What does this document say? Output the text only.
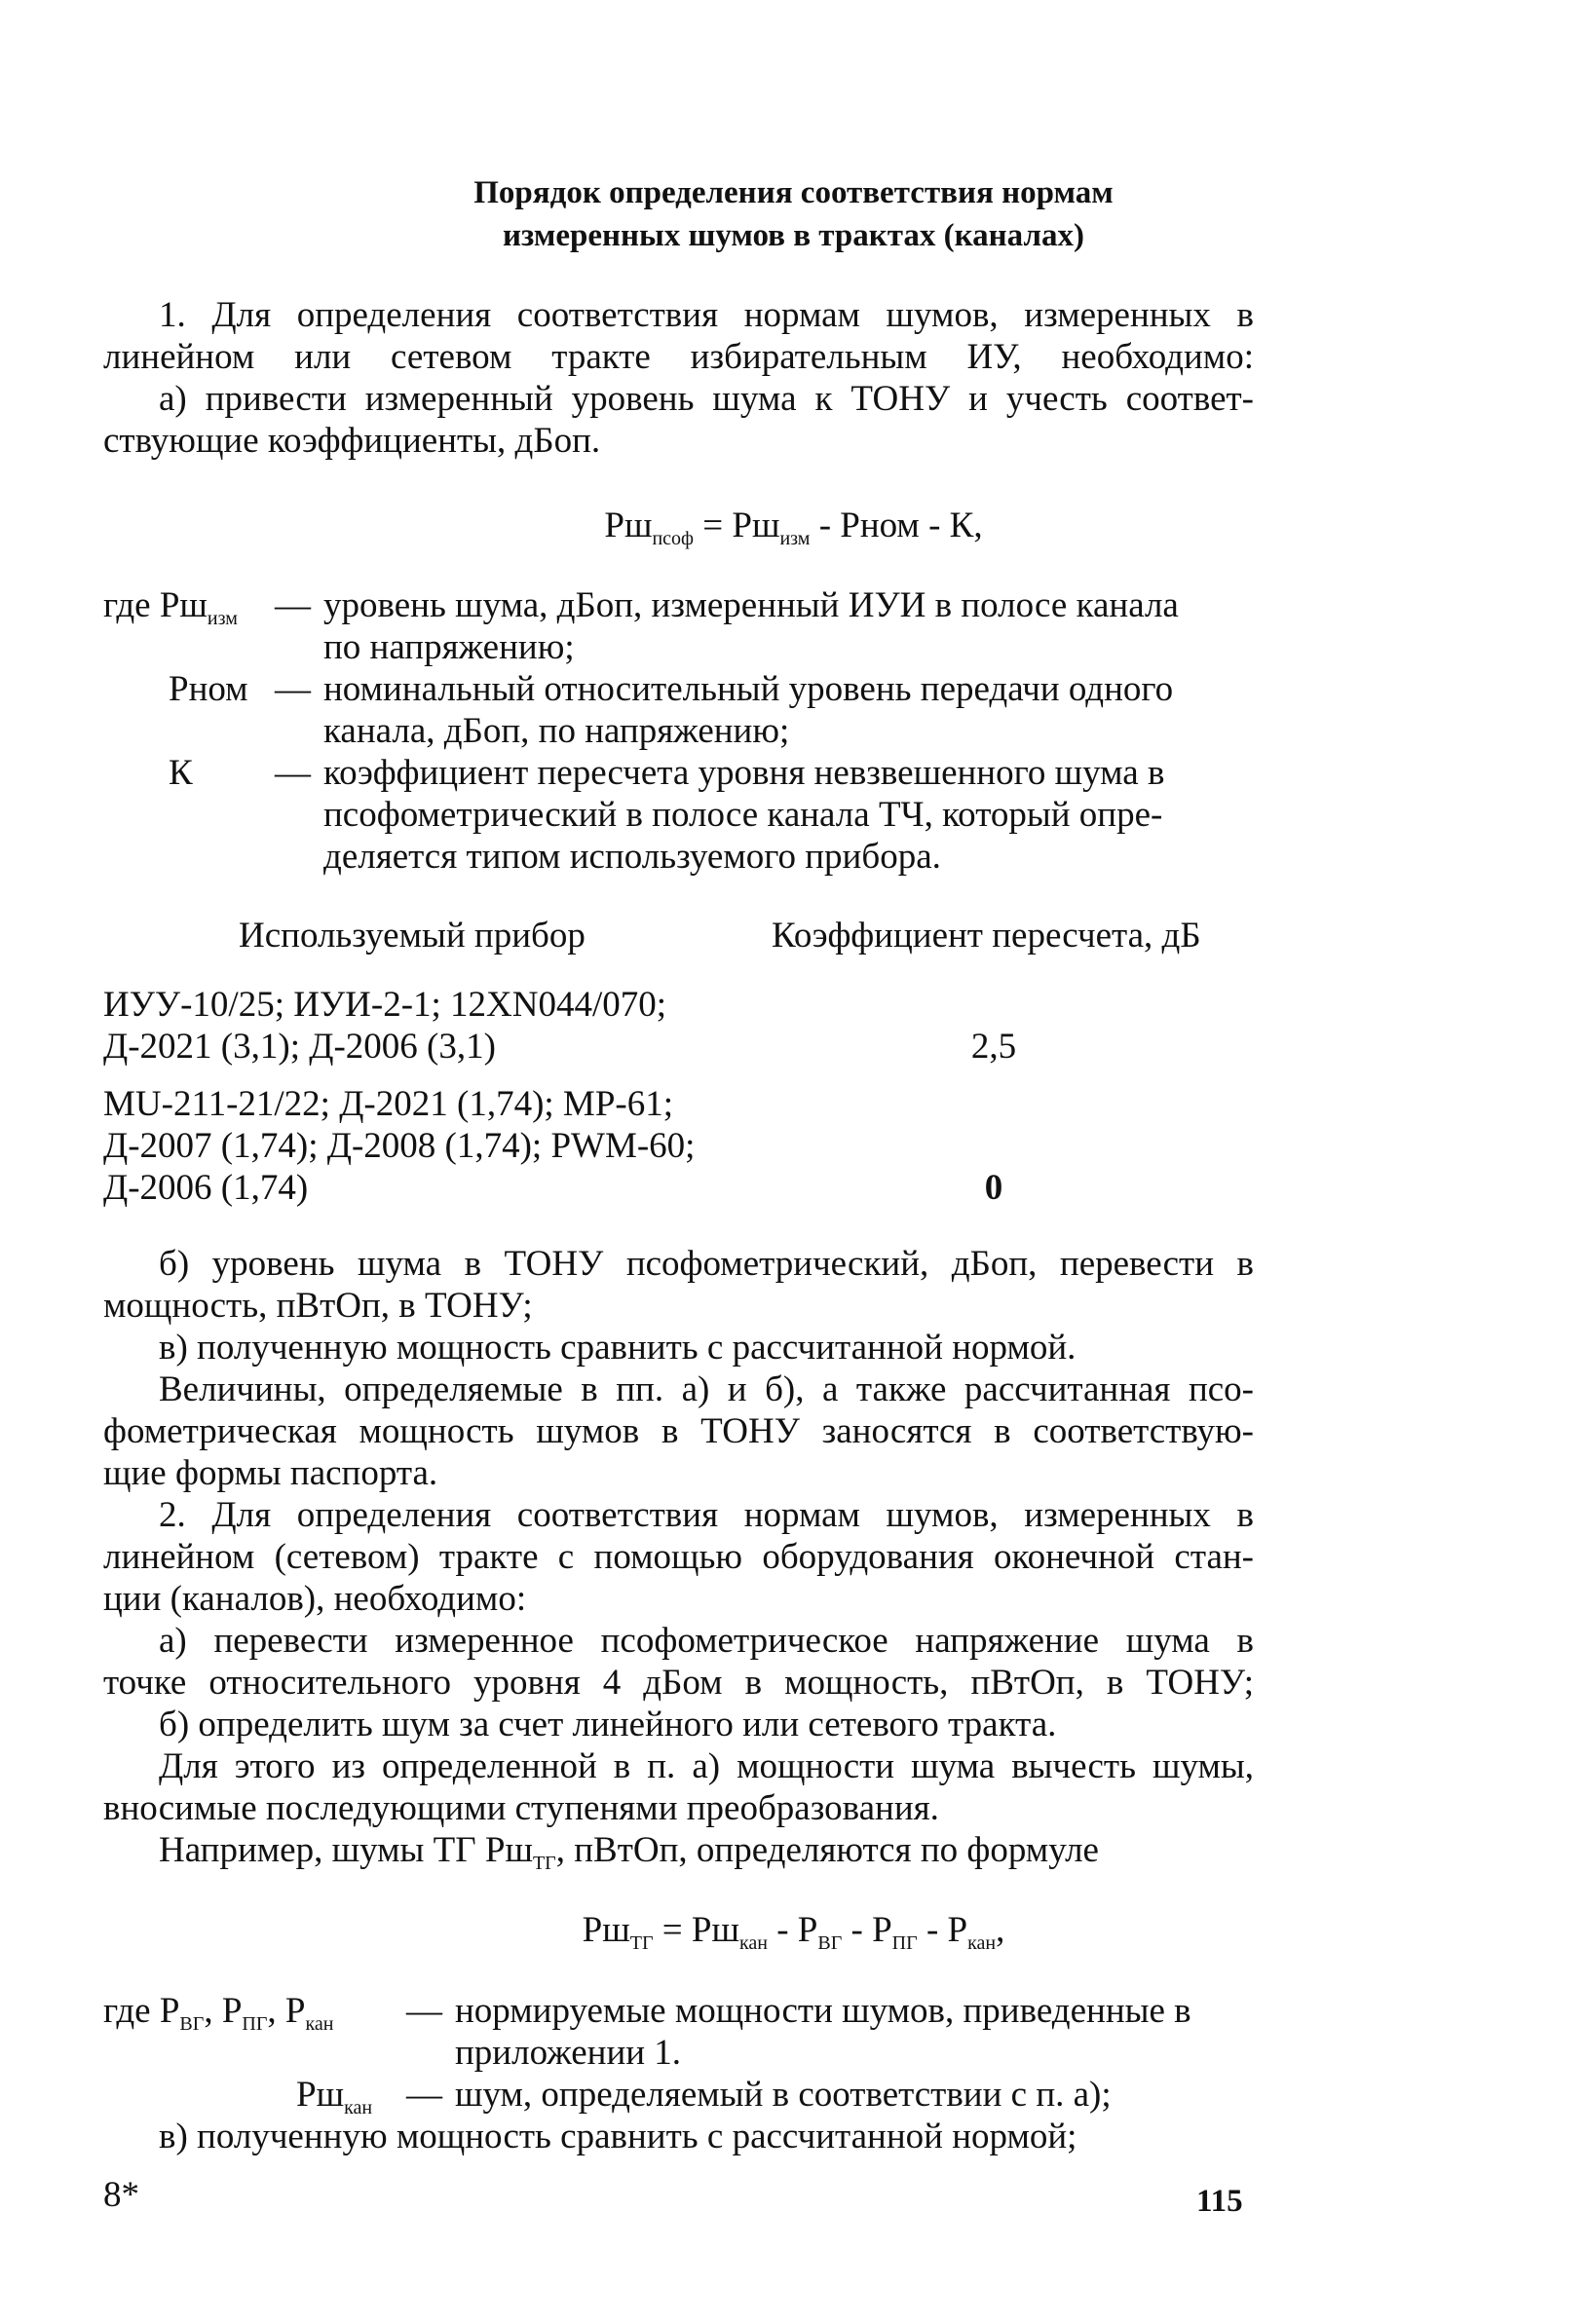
Порядок определения соответствия нормам
измеренных шумов в трактах (каналах)
1. Для определения соответствия нормам шумов, измеренных в
линейном или сетевом тракте избирательным ИУ, необходимо:
а) привести измеренный уровень шума к ТОНУ и учесть соответ-
ствующие коэффициенты, дБоп.
$Рш_{псоф} = Рш_{изм}$ - Рном - К,
где $Рш_{изм}$ — уровень шума, дБоп, измеренный ИУИ в полосе канала
по напряжению;
Рном — номинальный относительный уровень передачи одного
канала, дБоп, по напряжению;
К — коэффициент пересчета уровня невзвешенного шума в
псофометрический в полосе канала ТЧ, который опре-
деляется типом используемого прибора.
Используемый прибор	Коэффициент пересчета, дБ
ИУУ-10/25; ИУИ-2-1; 12XN044/070;
Д-2021 (3,1); Д-2006 (3,1)	2,5
MU-211-21/22; Д-2021 (1,74); МР-61;
Д-2007 (1,74); Д-2008 (1,74); PWM-60;
Д-2006 (1,74)	0
б) уровень шума в ТОНУ псофометрический, дБоп, перевести в
мощность, пВтОп, в ТОНУ;
в) полученную мощность сравнить с рассчитанной нормой.
Величины, определяемые в пп. а) и б), а также рассчитанная псо-
фометрическая мощность шумов в ТОНУ заносятся в соответствую-
щие формы паспорта.
2. Для определения соответствия нормам шумов, измеренных в
линейном (сетевом) тракте с помощью оборудования оконечной стан-
ции (каналов), необходимо:
а) перевести измеренное псофометрическое напряжение шума в
точке относительного уровня 4 дБом в мощность, пВтОп, в ТОНУ;
б) определить шум за счет линейного или сетевого тракта.
Для этого из определенной в п. а) мощности шума вычесть шумы,
вносимые последующими ступенями преобразования.
Например, шумы ТГ $Рш_{ТГ}$, пВтОп, определяются по формуле
$Рш_{ТГ} = Рш_{кан} - Р_{ВГ} - Р_{ПГ} - Р_{кан}$,
где $Р_{ВГ}$, $Р_{ПГ}$, $Р_{кан}$ — нормируемые мощности шумов, приведенные в
приложении 1.
$Рш_{кан}$ — шум, определяемый в соответствии с п. а);
в) полученную мощность сравнить с рассчитанной нормой;
8*	115
